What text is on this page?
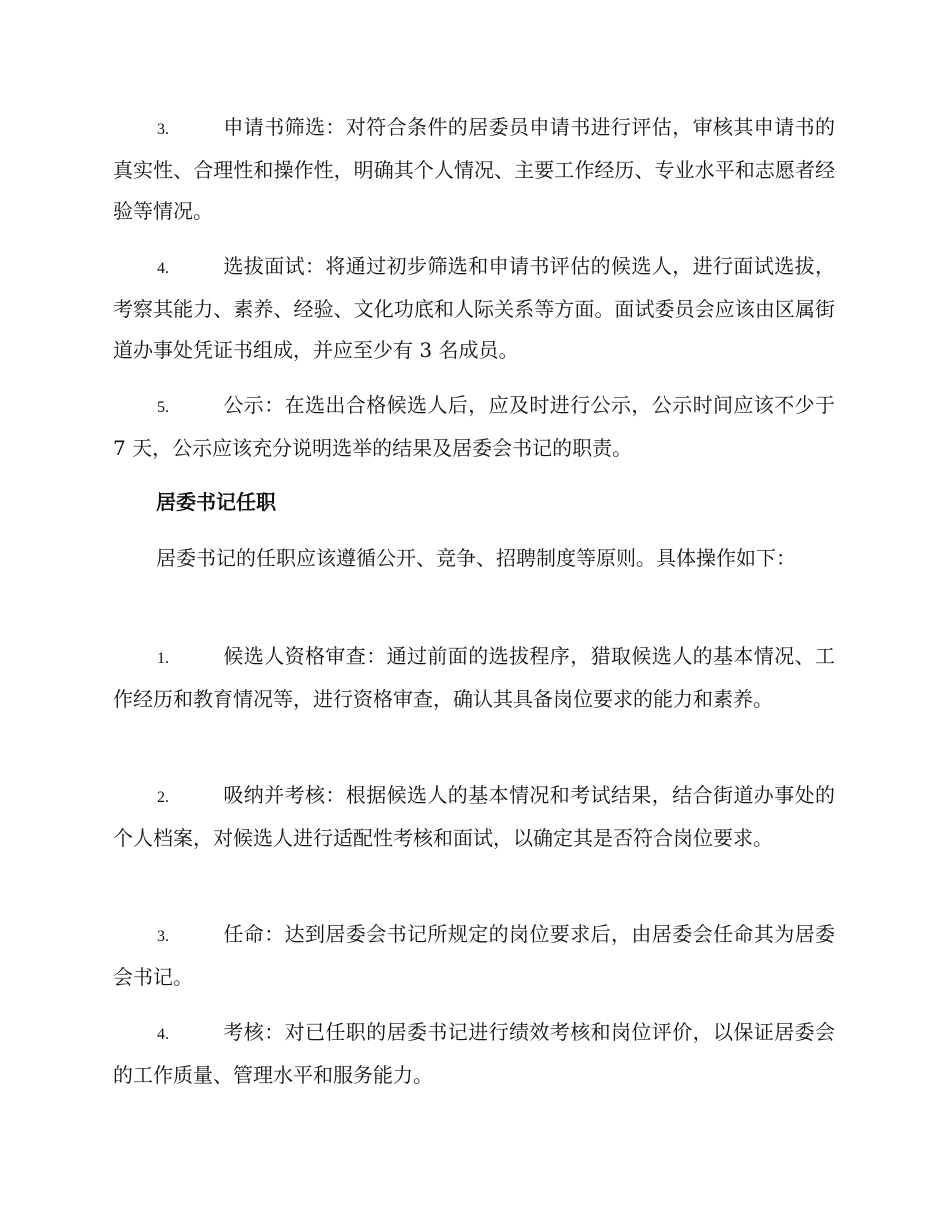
3.	申请书筛选：对符合条件的居委员申请书进行评估，审核其申请书的真实性、合理性和操作性，明确其个人情况、主要工作经历、专业水平和志愿者经验等情况。
4.	选拔面试：将通过初步筛选和申请书评估的候选人，进行面试选拔，考察其能力、素养、经验、文化功底和人际关系等方面。面试委员会应该由区属街道办事处凭证书组成，并应至少有 3 名成员。
5.	公示：在选出合格候选人后，应及时进行公示，公示时间应该不少于 7 天，公示应该充分说明选举的结果及居委会书记的职责。
居委书记任职
居委书记的任职应该遵循公开、竞争、招聘制度等原则。具体操作如下：
1.	候选人资格审查：通过前面的选拔程序，猎取候选人的基本情况、工作经历和教育情况等，进行资格审查，确认其具备岗位要求的能力和素养。
2.	吸纳并考核：根据候选人的基本情况和考试结果，结合街道办事处的个人档案，对候选人进行适配性考核和面试，以确定其是否符合岗位要求。
3.	任命：达到居委会书记所规定的岗位要求后，由居委会任命其为居委会书记。
4.	考核：对已任职的居委书记进行绩效考核和岗位评价，以保证居委会的工作质量、管理水平和服务能力。
